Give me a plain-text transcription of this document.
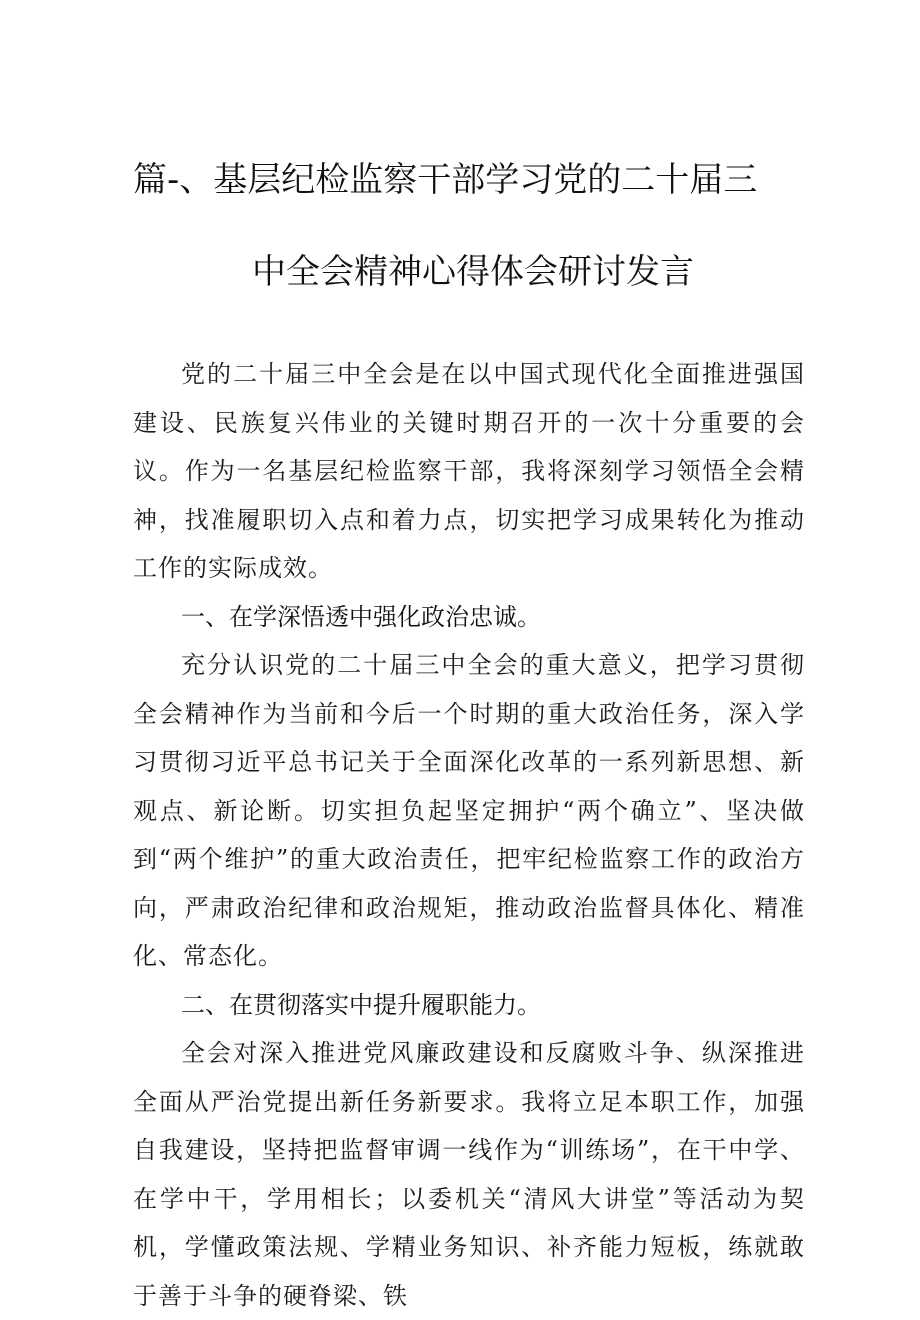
篇-、基层纪检监察干部学习党的二十届三
中全会精神心得体会研讨发言

党的二十届三中全会是在以中国式现代化全面推进强国建设、民族复兴伟业的关键时期召开的一次十分重要的会议。作为一名基层纪检监察干部，我将深刻学习领悟全会精神，找准履职切入点和着力点，切实把学习成果转化为推动工作的实际成效。

一、在学深悟透中强化政治忠诚。

充分认识党的二十届三中全会的重大意义，把学习贯彻全会精神作为当前和今后一个时期的重大政治任务，深入学习贯彻习近平总书记关于全面深化改革的一系列新思想、新观点、新论断。切实担负起坚定拥护“两个确立”、坚决做到“两个维护”的重大政治责任，把牢纪检监察工作的政治方向，严肃政治纪律和政治规矩，推动政治监督具体化、精准化、常态化。

二、在贯彻落实中提升履职能力。

全会对深入推进党风廉政建设和反腐败斗争、纵深推进全面从严治党提出新任务新要求。我将立足本职工作，加强自我建设，坚持把监督审调一线作为“训练场”，在干中学、在学中干，学用相长；以委机关“清风大讲堂”等活动为契机，学懂政策法规、学精业务知识、补齐能力短板，练就敢于善于斗争的硬脊梁、铁
